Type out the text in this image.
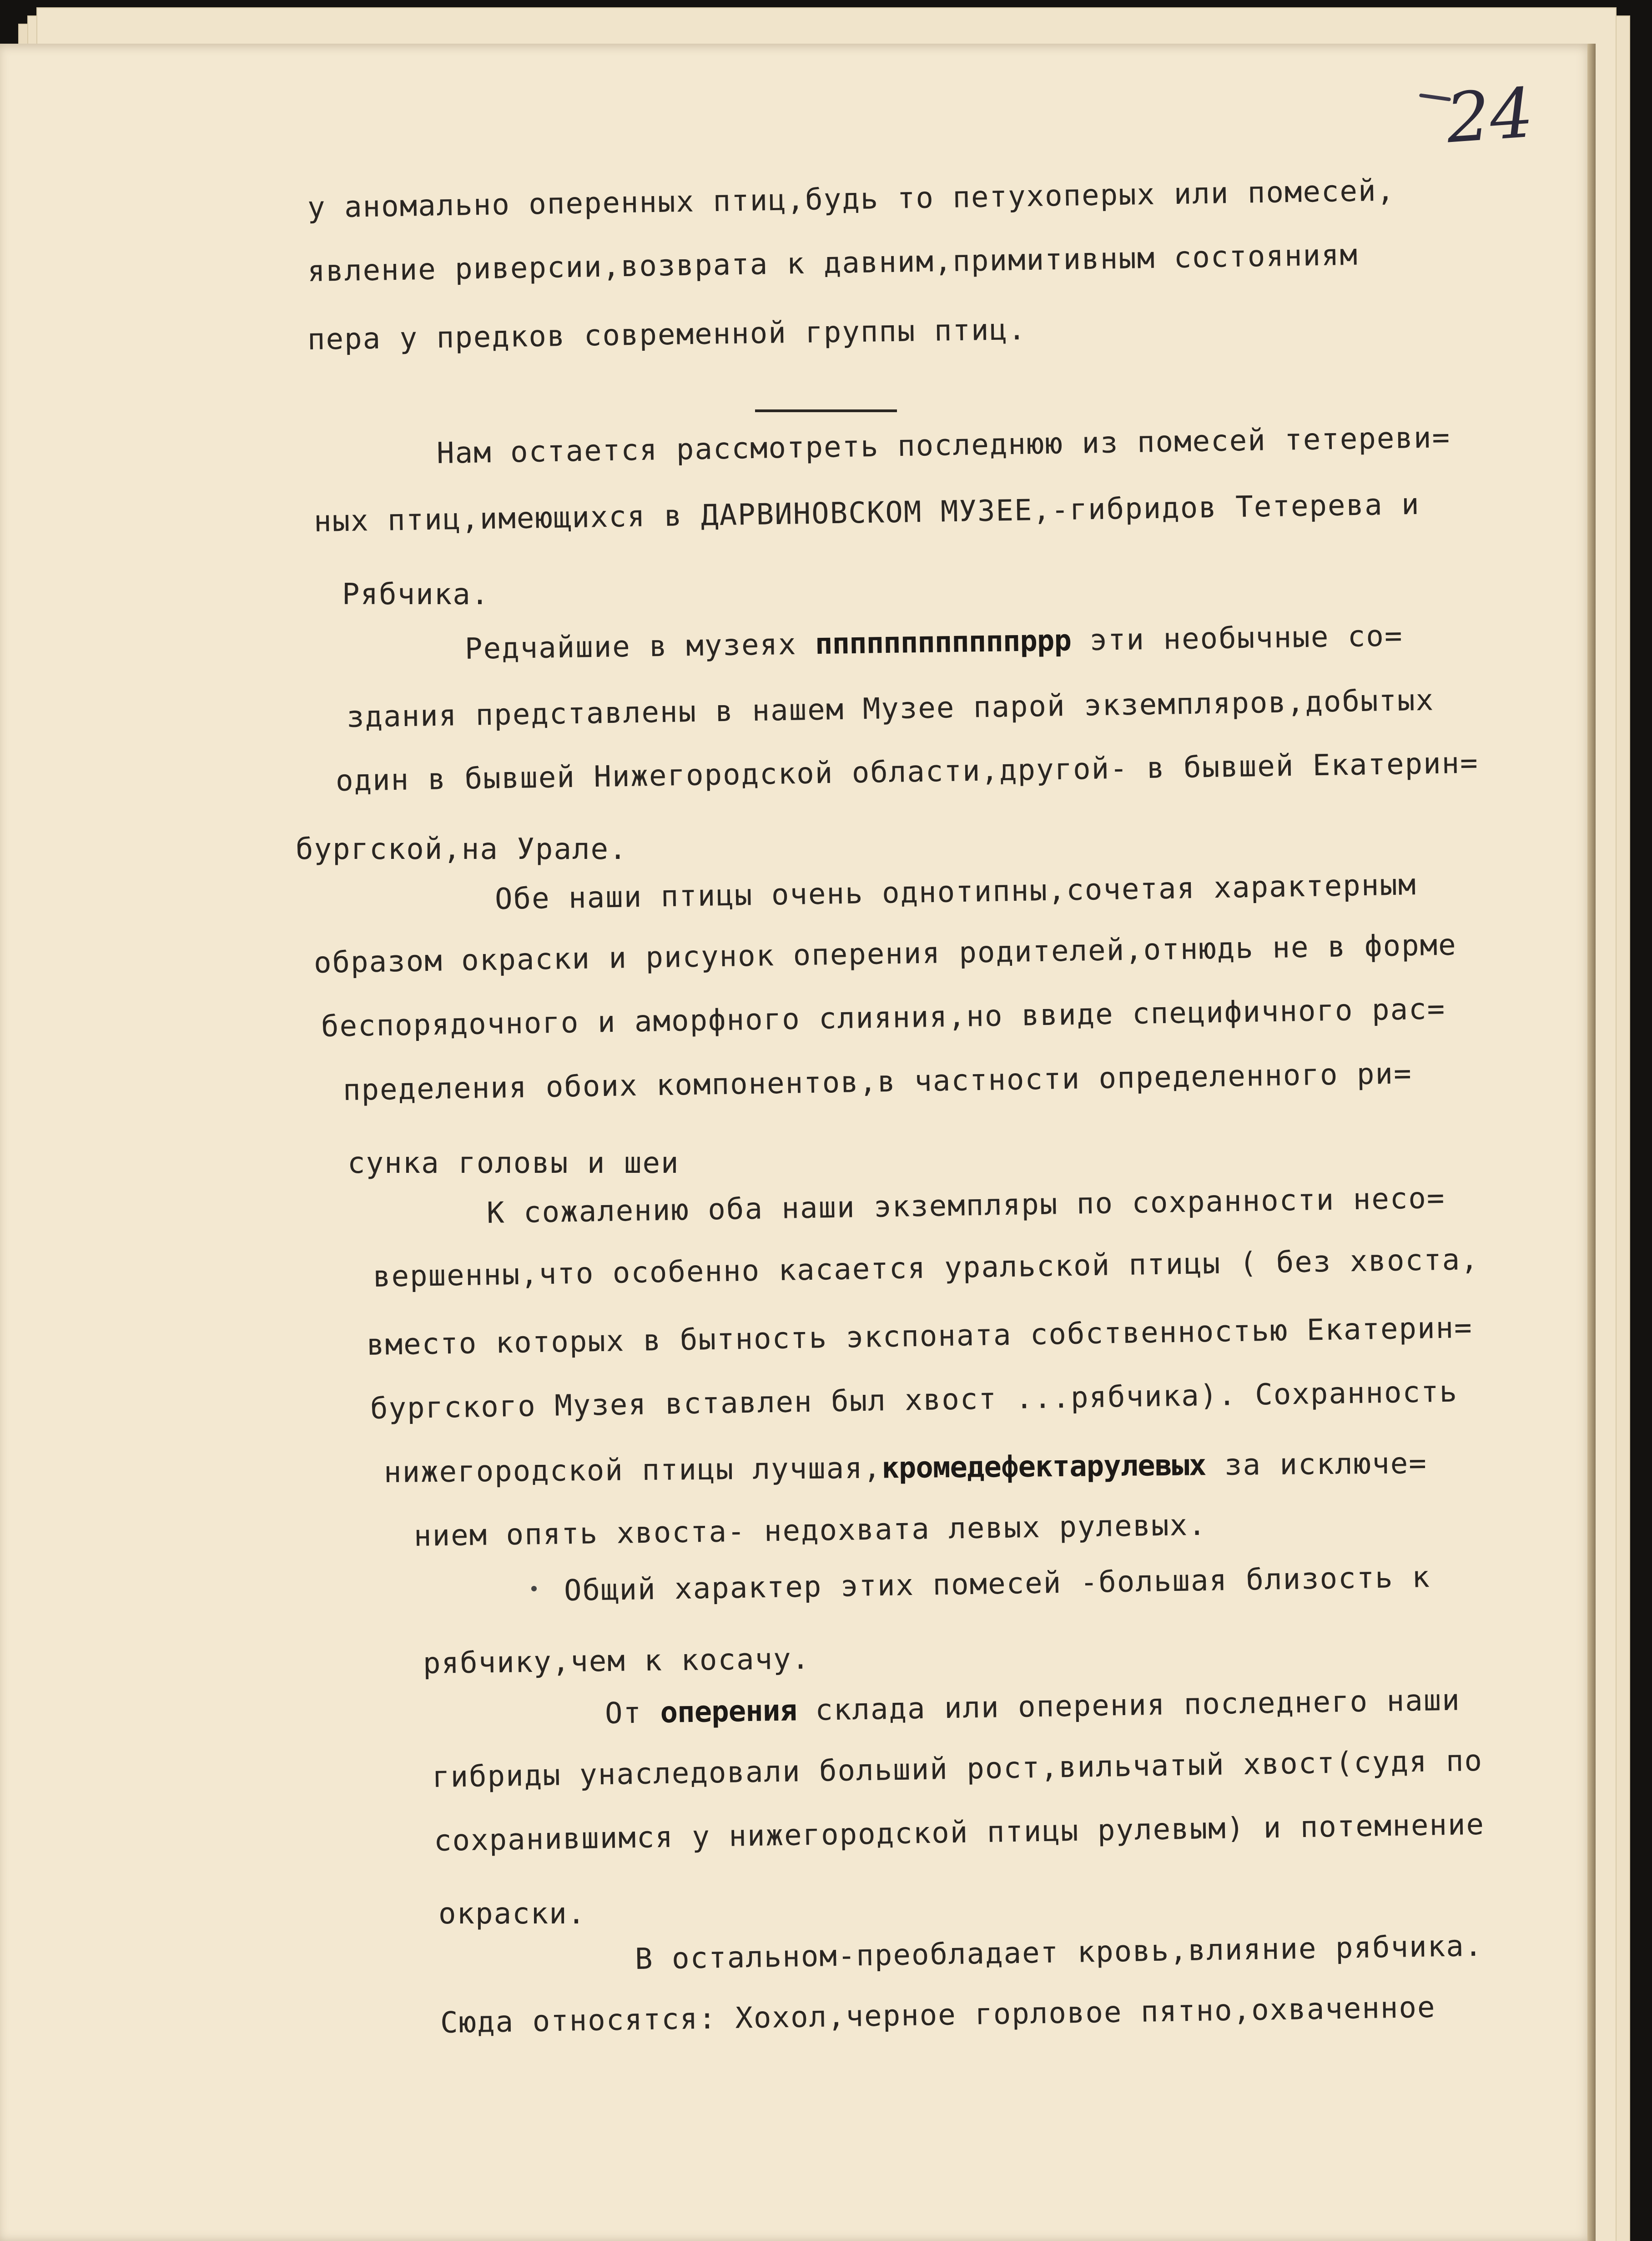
24
у аномально оперенных птиц,будь то петухоперых или помесей,
явление риверсии,возврата к давним,примитивным состояниям
пера у предков современной группы птиц.
Нам остается рассмотреть последнюю из помесей тетереви=
ных птиц,имеющихся в ДАРВИНОВСКОМ МУЗЕЕ,-гибридов Тетерева и
Рябчика.
Редчайшие в музеях ппппппппппппррр эти необычные со=
здания представлены в нашем Музее парой экземпляров,добытых
один в бывшей Нижегородской области,другой- в бывшей Екатерин=
бургской,на Урале.
Обе наши птицы очень однотипны,сочетая характерным
образом окраски и рисунок оперения родителей,отнюдь не в форме
беспорядочного и аморфного слияния,но ввиде специфичного рас=
пределения обоих компонентов,в частности определенного ри=
сунка головы и шеи
К сожалению оба наши экземпляры по сохранности несо=
вершенны,что особенно касается уральской птицы ( без хвоста,
вместо которых в бытность экспоната собственностью Екатерин=
бургского Музея вставлен был хвост ...рябчика). Сохранность
нижегородской птицы лучшая,кромедефектарулевых за исключе=
нием опять хвоста- недохвата левых рулевых.
Общий характер этих помесей -большая близость к
рябчику,чем к косачу.
От оперения склада или оперения последнего наши
гибриды унаследовали больший рост,вильчатый хвост(судя по
сохранившимся у нижегородской птицы рулевым) и потемнение
окраски.
В остальном-преобладает кровь,влияние рябчика.
Сюда относятся: Хохол,черное горловое пятно,охваченное
